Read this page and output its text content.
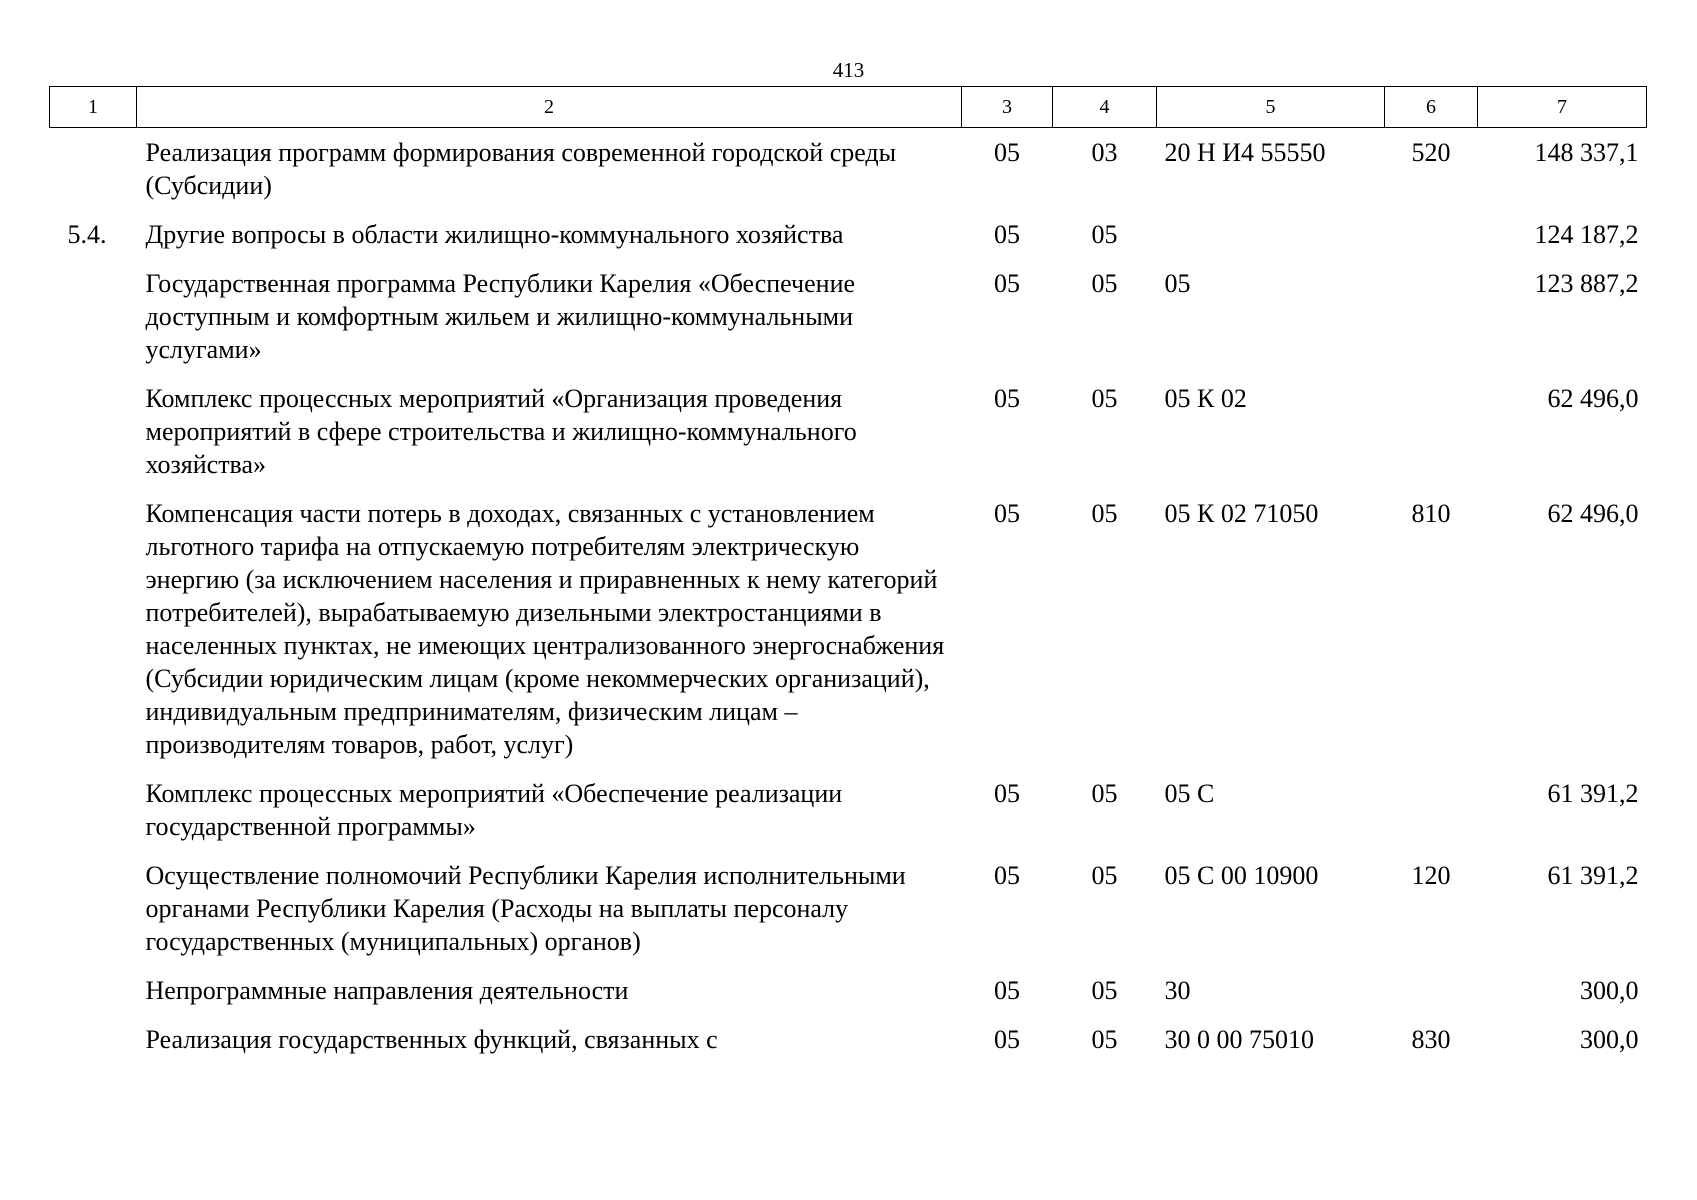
413
1	2	3	4	5	6	7
	Реализация программ формирования современной городской среды (Субсидии)	05	03	20 Н И4 55550	520	148 337,1
5.4.	Другие вопросы в области жилищно-коммунального хозяйства	05	05			124 187,2
	Государственная программа Республики Карелия «Обеспечение доступным и комфортным жильем и жилищно-коммунальными услугами»	05	05	05		123 887,2
	Комплекс процессных мероприятий «Организация проведения мероприятий в сфере строительства и жилищно-коммунального хозяйства»	05	05	05 К 02		62 496,0
	Компенсация части потерь в доходах, связанных с установлением льготного тарифа на отпускаемую потребителям электрическую энергию (за исключением населения и приравненных к нему категорий потребителей), вырабатываемую дизельными электростанциями в населенных пунктах, не имеющих централизованного энергоснабжения (Субсидии юридическим лицам (кроме некоммерческих организаций), индивидуальным предпринимателям, физическим лицам – производителям товаров, работ, услуг)	05	05	05 К 02 71050	810	62 496,0
	Комплекс процессных мероприятий «Обеспечение реализации государственной программы»	05	05	05 С		61 391,2
	Осуществление полномочий Республики Карелия исполнительными органами Республики Карелия (Расходы на выплаты персоналу государственных (муниципальных) органов)	05	05	05 С 00 10900	120	61 391,2
	Непрограммные направления деятельности	05	05	30		300,0
	Реализация государственных функций, связанных с	05	05	30 0 00 75010	830	300,0
